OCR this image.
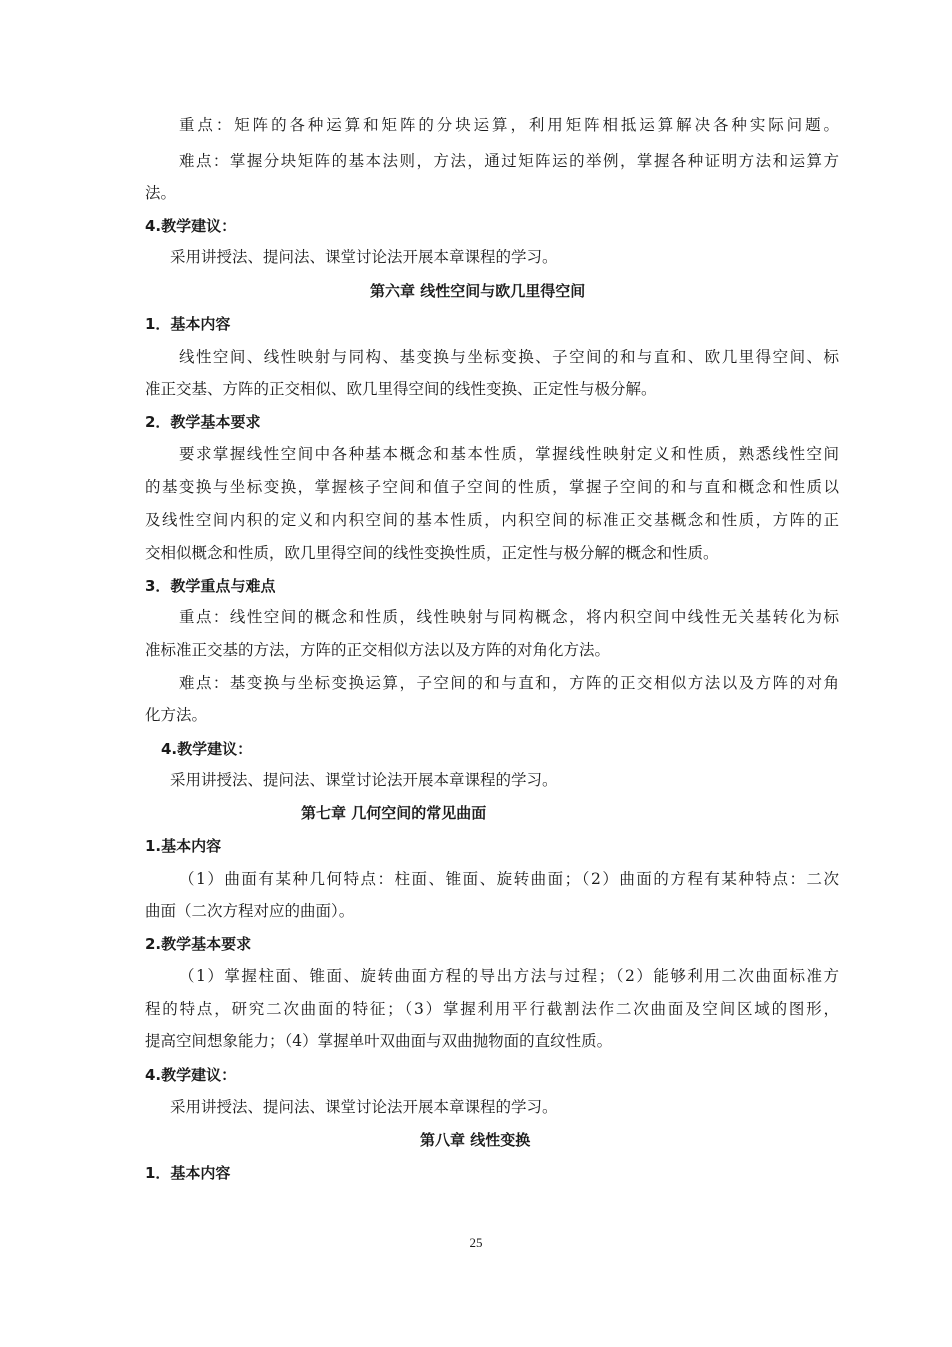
重点：矩阵的各种运算和矩阵的分块运算，利用矩阵相抵运算解决各种实际问题。
难点：掌握分块矩阵的基本法则，方法，通过矩阵运的举例，掌握各种证明方法和运算方
法。
4.教学建议：
采用讲授法、提问法、课堂讨论法开展本章课程的学习。
第六章 线性空间与欧几里得空间
1．基本内容
线性空间、线性映射与同构、基变换与坐标变换、子空间的和与直和、欧几里得空间、标
准正交基、方阵的正交相似、欧几里得空间的线性变换、正定性与极分解。
2．教学基本要求
要求掌握线性空间中各种基本概念和基本性质，掌握线性映射定义和性质，熟悉线性空间
的基变换与坐标变换，掌握核子空间和值子空间的性质，掌握子空间的和与直和概念和性质以
及线性空间内积的定义和内积空间的基本性质，内积空间的标准正交基概念和性质，方阵的正
交相似概念和性质，欧几里得空间的线性变换性质，正定性与极分解的概念和性质。
3．教学重点与难点
重点：线性空间的概念和性质，线性映射与同构概念，将内积空间中线性无关基转化为标
准标准正交基的方法，方阵的正交相似方法以及方阵的对角化方法。
难点：基变换与坐标变换运算，子空间的和与直和，方阵的正交相似方法以及方阵的对角
化方法。
4.教学建议：
采用讲授法、提问法、课堂讨论法开展本章课程的学习。
第七章 几何空间的常见曲面
1.基本内容
（1）曲面有某种几何特点：柱面、锥面、旋转曲面；（2）曲面的方程有某种特点：二次
曲面（二次方程对应的曲面）。
2.教学基本要求
（1）掌握柱面、锥面、旋转曲面方程的导出方法与过程；（2）能够利用二次曲面标准方
程的特点，研究二次曲面的特征；（3）掌握利用平行截割法作二次曲面及空间区域的图形，
提高空间想象能力；（4）掌握单叶双曲面与双曲抛物面的直纹性质。
4.教学建议：
采用讲授法、提问法、课堂讨论法开展本章课程的学习。
第八章 线性变换
1．基本内容
25
